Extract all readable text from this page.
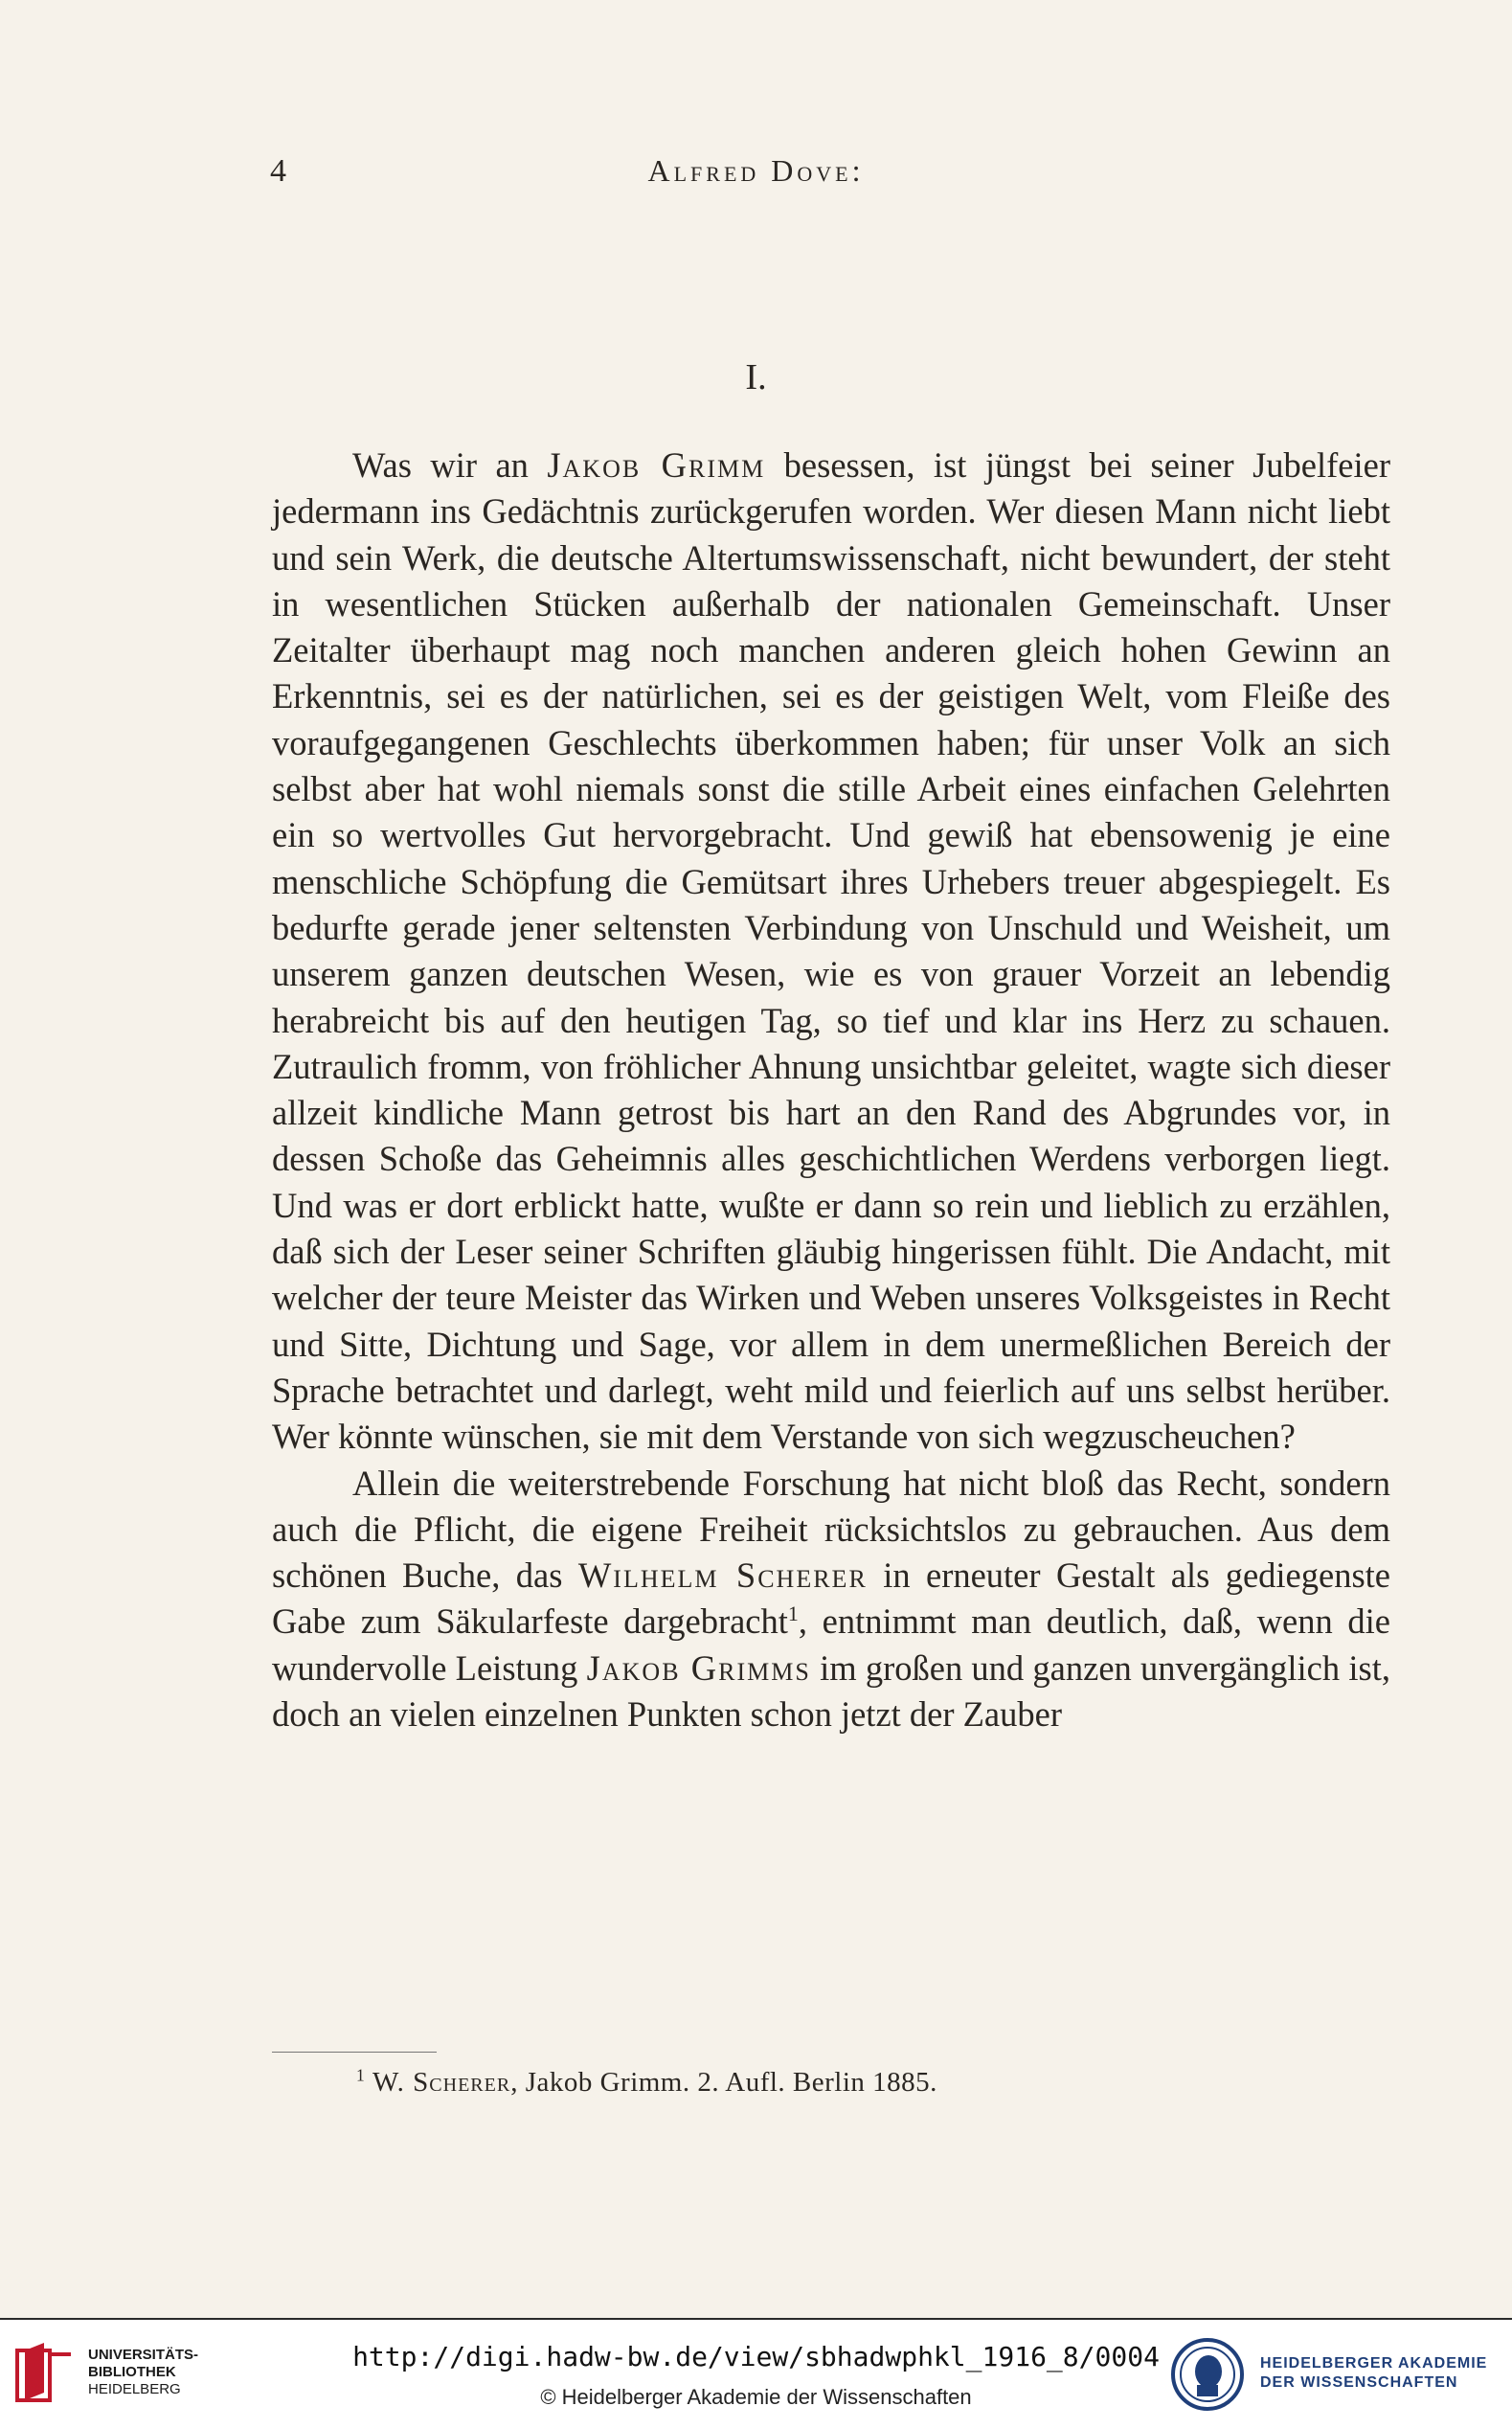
4	Alfred Dove:
I.

Was wir an Jakob Grimm besessen, ist jüngst bei seiner Jubelfeier jedermann ins Gedächtnis zurückgerufen worden. Wer diesen Mann nicht liebt und sein Werk, die deutsche Altertumswissenschaft, nicht bewundert, der steht in wesentlichen Stücken außerhalb der nationalen Gemeinschaft. Unser Zeitalter überhaupt mag noch manchen anderen gleich hohen Gewinn an Erkenntnis, sei es der natürlichen, sei es der geistigen Welt, vom Fleiße des voraufgegangenen Geschlechts überkommen haben; für unser Volk an sich selbst aber hat wohl niemals sonst die stille Arbeit eines einfachen Gelehrten ein so wertvolles Gut hervorgebracht. Und gewiß hat ebensowenig je eine menschliche Schöpfung die Gemütsart ihres Urhebers treuer abgespiegelt. Es bedurfte gerade jener seltensten Verbindung von Unschuld und Weisheit, um unserem ganzen deutschen Wesen, wie es von grauer Vorzeit an lebendig herabreicht bis auf den heutigen Tag, so tief und klar ins Herz zu schauen. Zutraulich fromm, von fröhlicher Ahnung unsichtbar geleitet, wagte sich dieser allzeit kindliche Mann getrost bis hart an den Rand des Abgrundes vor, in dessen Schoße das Geheimnis alles geschichtlichen Werdens verborgen liegt. Und was er dort erblickt hatte, wußte er dann so rein und lieblich zu erzählen, daß sich der Leser seiner Schriften gläubig hingerissen fühlt. Die Andacht, mit welcher der teure Meister das Wirken und Weben unseres Volksgeistes in Recht und Sitte, Dichtung und Sage, vor allem in dem unermeßlichen Bereich der Sprache betrachtet und darlegt, weht mild und feierlich auf uns selbst herüber. Wer könnte wünschen, sie mit dem Verstande von sich wegzuscheuchen?

Allein die weiterstrebende Forschung hat nicht bloß das Recht, sondern auch die Pflicht, die eigene Freiheit rücksichtslos zu gebrauchen. Aus dem schönen Buche, das Wilhelm Scherer in erneuter Gestalt als gediegenste Gabe zum Säkularfeste dargebracht$^1$, entnimmt man deutlich, daß, wenn die wundervolle Leistung Jakob Grimms im großen und ganzen unvergänglich ist, doch an vielen einzelnen Punkten schon jetzt der Zauber

$^1$ W. Scherer, Jakob Grimm. 2. Aufl. Berlin 1885.
UNIVERSITÄTS-
BIBLIOTHEK
HEIDELBERG
http://digi.hadw-bw.de/view/sbhadwphkl_1916_8/0004
© Heidelberger Akademie der Wissenschaften
HEIDELBERGER AKADEMIE
DER WISSENSCHAFTEN
